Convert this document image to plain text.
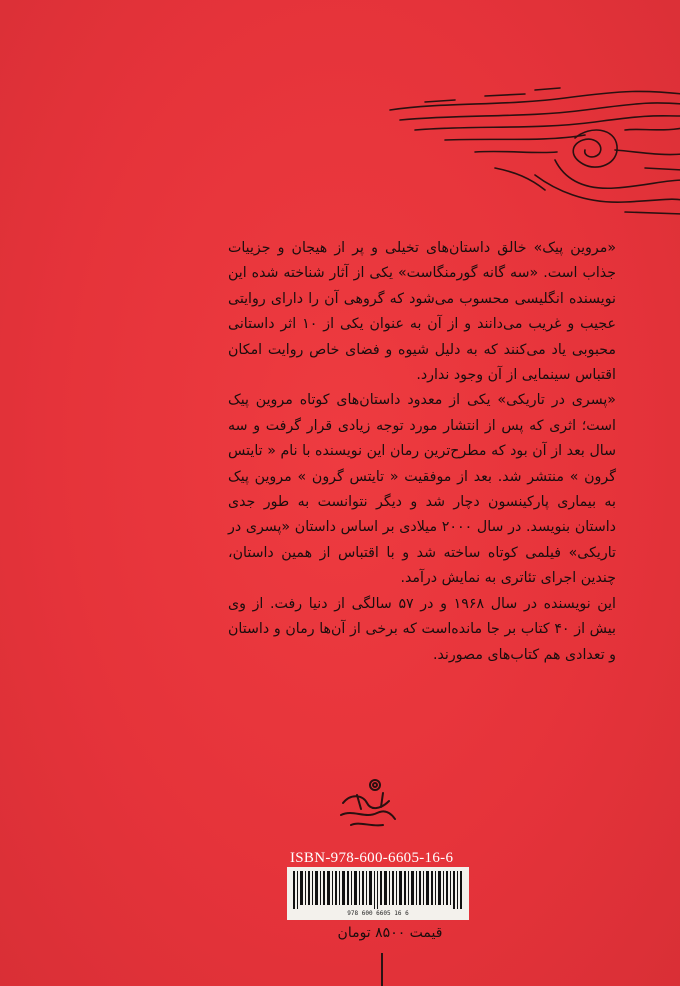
«مروین پیک» خالق داستان‌های تخیلی و پر از هیجان و جزییات جذاب است. «سه گانه گورمنگاست» یکی از آثار شناخته شده این نویسنده انگلیسی محسوب می‌شود که گروهی آن را دارای روایتی عجیب و غریب می‌دانند و از آن به عنوان یکی از ۱۰ اثر داستانی محبوبی یاد می‌کنند که به دلیل شیوه و فضای خاص روایت امکان اقتباس سینمایی از آن وجود ندارد.

«پسری در تاریکی» یکی از معدود داستان‌های کوتاه مروین پیک است؛ اثری که پس از انتشار مورد توجه زیادی قرار گرفت و سه سال بعد از آن بود که مطرح‌ترین رمان این نویسنده با نام « تایتس گرون » منتشر شد. بعد از موفقیت « تایتس گرون » مروین پیک به بیماری پارکینسون دچار شد و دیگر نتوانست به طور جدی داستان بنویسد. در سال ۲۰۰۰ میلادی بر اساس داستان «پسری در تاریکی» فیلمی کوتاه ساخته شد و با اقتباس از همین داستان، چندین اجرای تئاتری به نمایش درآمد.

این نویسنده در سال ۱۹۶۸ و در ۵۷ سالگی از دنیا رفت. از وی بیش از ۴۰ کتاب بر جا مانده‌است که برخی از آن‌ها رمان و داستان و تعدادی هم کتاب‌های مصورند.

ISBN-978-600-6605-16-6
978 600 6605 16 6
قیمت ۸۵۰۰ تومان
